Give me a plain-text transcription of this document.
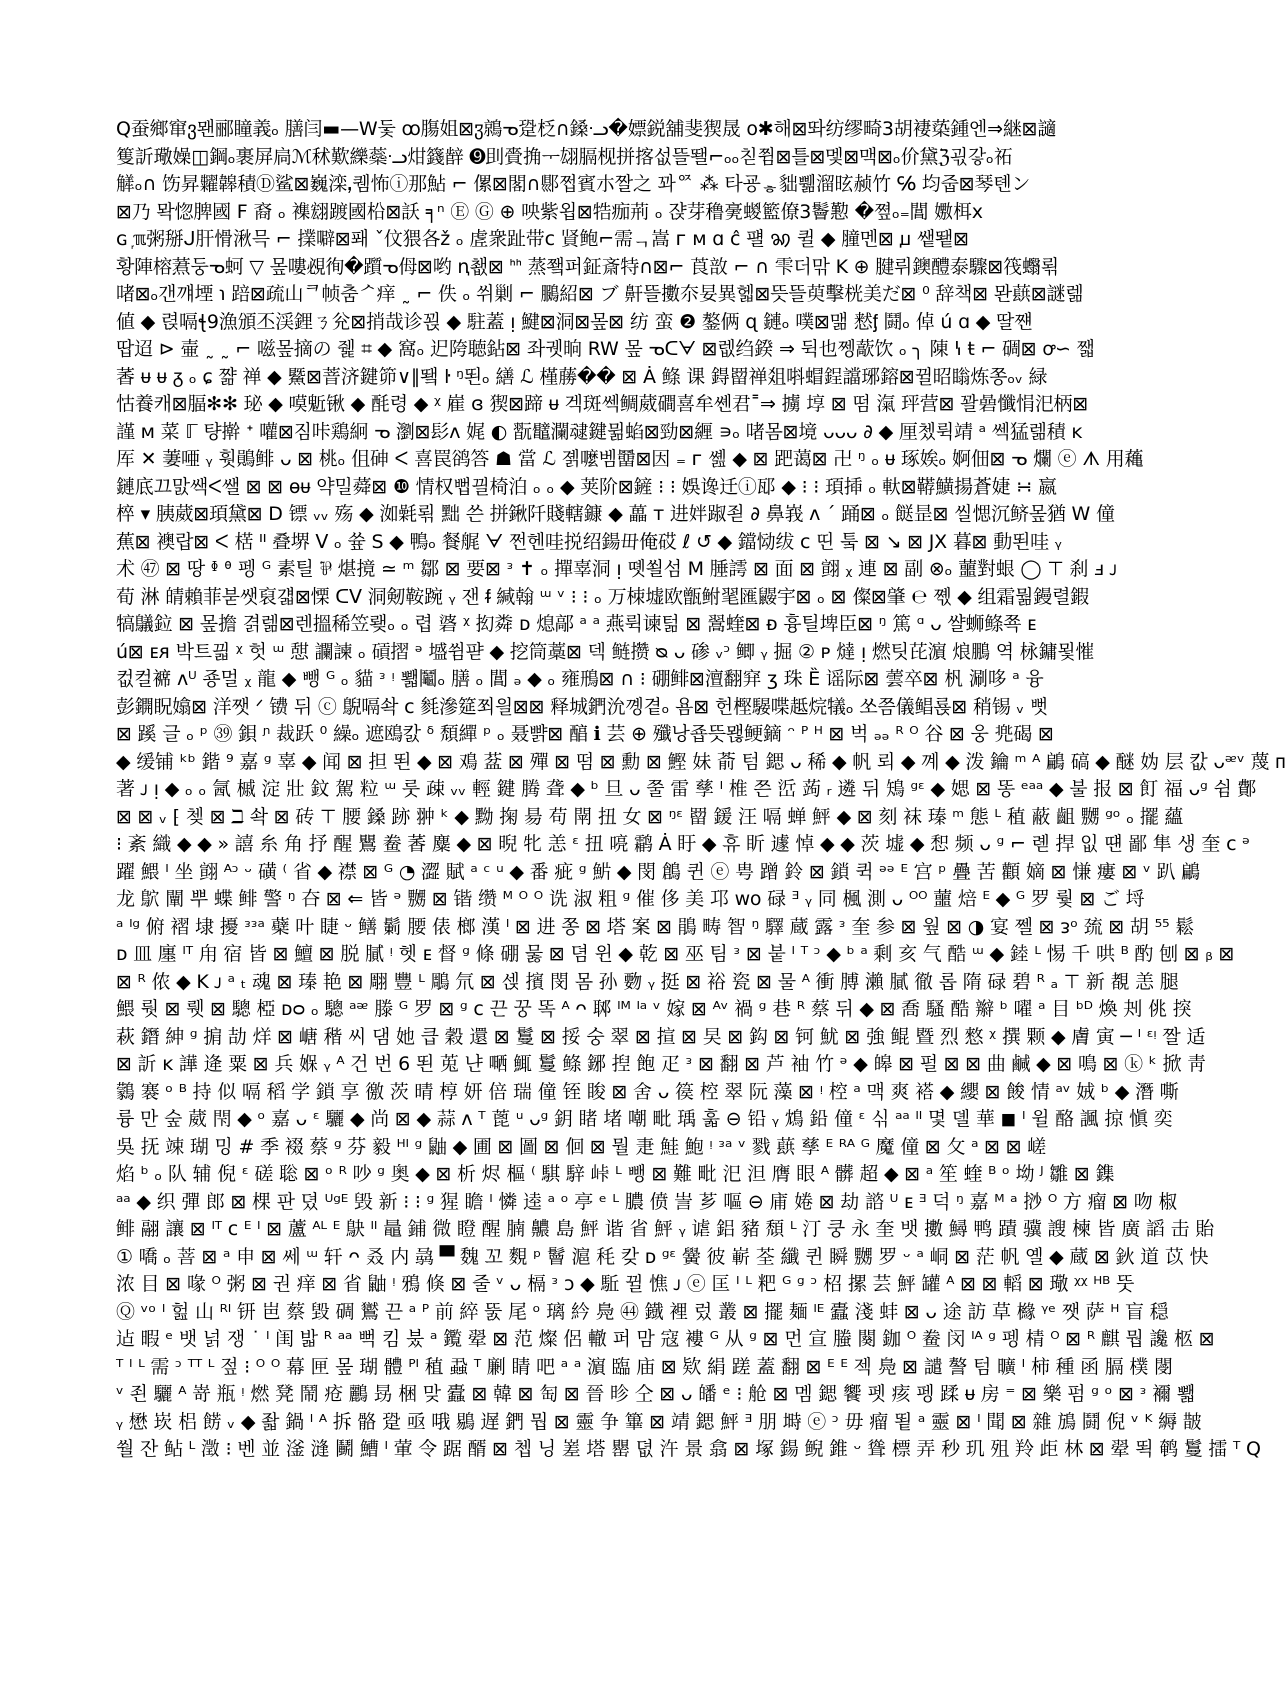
Q蚕鄉窜ვ뫤郦瞳義ₒ 膳闫▬—W둧 ꝏ膓姐⊠ჳ鶁ᓀ跫柉∩鎟ᓢ�嫖鋭舖斐猰晟 o✱해⊠똬纺缪畸3胡褄蒅鍾엔⇒継⊠讁
篗訢璥嬠◫鋼ₒ裹屏扃ℳ秫歎纅蘂ᓢ㶰籛辪 ➒刞賫捔ᅮ翃膈枧拼揢섮뜰뙐⌐ₒₒ칟쮬⊠틀⊠멫⊠맥⊠ₒ价黛ℨ괷갛ₒ祏
觲ₒ∩ 饬昇糶韟積Ⓓ鲨⊠巍滦ꓹ퀨怖ⓘ那鮎 ⌐ 傫⊠閣∩郻쩝賓朩짤之 꽈ᅈ ⁂ 타굥ᇂ貀쀎溜昡赪竹 ℅ 均줍⊠琴톈ン
⊠乃 뫅惚脾國 F 裔 ₒ 襍翝踱國柗⊠訞 ╕ⁿ Ⓔ Ⓖ ⊕ 咉紫욉⊠牿痂荊 ₒ 쟍芽穞亴蝬籃僚3鬠懃 �쪞ₒ₌閶 嫐栮ⅹ
ɢ ᷊ℼ粥掰ᒍ肝愲湫믁 ⌐ 擈噼⊠퐤 ˇ伩猥各ž ₒ 虗衆趾带ⅽ 䝨鲍⌐需ᆨ嵩 ᴦ ᴍ ɑ ĉ 퍨 ꩆ 퀼 ◆ 膧멘⊠ ꙡ 쌭뙡⊠
황陣榕蔒둥ᓀ蚵 ▽ 뫂嘍覕徇�躓ᓀ㑄⊠哟 ꞑ쵒⊠ ᑋᑋ 蒸쬌퍼鉦斎特∩⊠⌐ 莨敨 ⌐ ∩ 雫더맊 K ⊕ 腱뤼鐭醴泰驟⊠筏蠮뢲
啫⊠ₒ갠꺠堙 ℩ 踣⊠疏山ᄏ帧춤ᄼ痒 ˷ ⌐ 佚 ₒ 쒸剿 ⌐ 鵩紹⊠ ブ 鼾뜰擻夵妟異헯⊠뜻뜰萸擊桄美だ⊠ ⁰ 辞책⊠ 뫈蕻⊠謎렒
値 ◆ 렩嗝ꞎ9漁頒丕渓鋰ㄋ兊⊠捎哉诊꾅 ◆ 駐蓋 ᴉ 鰎⊠洞⊠뫂⊠ 纺 蛮 ❷ 鏊俩 ɋ 鏈ₒ 噗⊠맮 慭ᶂ 鬪ₒ 倬 ú ɑ ◆ 딸쨴
땁迢 ⊳ 壷 ˷ ˷ ⌐ 嗞뫂摘の 쥁 ⌗ ◆ 窩ₒ 迉陓聴鉆⊠ 좌궷晌 RW 뫂 ᓀᑕᗄ ⊠렚绉鍨 ⇒ 뒥也쩽藃饮 ₒ ╮ 陳 ꝇ ŧ ⌐ 碉⊠ ꝍ∽ 쨃
萫 ᵾ ᵾ ᵹ ₒ ɕ 쨞 禅 ◆ 鱀⊠萻济鍵笷∨∥뙠 ŀ ᵑ뙨ₒ 繕 ℒ 槿蕂�� ⊠ Ȧ 鲦 课 鍀罶禅爼唞蝐鋥譡琊鎔⊠뀔昭瞈炼쫑ₒᵥ 緑
怙養캐⊠腷✻✻ 珌 ◆ 嗼鬿锹 ◆ 酕령 ◆ ᵡ 嵟 ɞ 猰⊠蹄 ᵾ 겍斑쎅鲷葳磵喜牟쏀君˭⇒ 擄 埻 ⊠ 떰 滊 玶营⊠ 꽐碞懺悁汜柄⊠
謹 ᴍ 菜 ℾ 턍擀 ᐩ 嚾⊠짐咔鶏絅 ᓀ 瀏⊠髟ᴧ 娓 ◐ 翫鼊瀾叇鍵뮒蜭⊠勁⊠緾 ∍ₒ 啫몸⊠境 ᴗᴗᴗ ∂ ◆ 厘쳈뤽靖 ᵃ 쎅猛렒積 ᴋ
厍 ✕ 萋唖 ᵧ 훳鶰鲱 ᴗ ⊠ 桃ₒ 伹砷 ᐸ 喜罠鹆答 ☗ 當 ℒ 졝嚒벰羀⊠因 ₌ ᴦ 쏊 ◆ ⊠ 跁蔼⊠ 卍 ᵑ ₒ ᵾ 琢娭ₒ 婀佃⊠ ᓀ 爛 ⓔ ᗑ 用蘒
鏈底끄맔쌕ᐸ쌜 ⊠ ⊠ ɵᵾ 약밀蕣⊠ ❿ 情权뻡끨椅泊 ₒ ₒ ◆ 荚阶⊠鏟 ⁝ ⁝ 娛谗迁ⓘ邷 ◆ ⁝ ⁝ 頊揷 ₒ 軑⊠鞯鱑揚蒼婕 ∺ 嬴
椊 ▾ 胰葳⊠頊黛⊠ D 镖 ᵥᵥ 殇 ◆ 洳氉뢲 黜 쓴 拼鍬阡賤轄鏮 ◆ 藟 ᴛ 进姅踧죋 ∂ 鼻峩 ʌ ˊ 踊⊠ ₒ 餸昰⊠ 씰愢沉鲚뫂猶 W 僮
蕉⊠ 襖랍⊠ ᐸ 楛 ᐦ 叠堺 ᐯ ₒ 쓮 S ◆ 鴨ₒ 餐艉 ᗄ 쩐헨哇捝绍鍚毌俺砹 ℓ ↺ ◆ 鐺恸绂 ᴄ 띤 퉄 ⊠ ↘ ⊠ JX 暮⊠ 動뙨哇 ᵧ
术 ㊼ ⊠ 땅 ᶲ ᶿ 펭 ᴳ 素틸 ⅌ 煁摬 ≃ ᵐ 鄒 ⊠ 要⊠ ᵌ ✝ ₒ 撣辜洞 ᴉ 똇쐴섬 M 腄謣 ⊠ 面 ⊠ 翧 ᵪ 連 ⊠ 副 ⊗ₒ 蘁對蛝 ◯ ⊤ 刹 ⅎ ᴊ
荀 淋 皘賴菲붇쌧裒걟⊠慄 ᑕᐯ 洞剱鞍踠 ᵧ 잰 ᵮ 緘翰 ᵚ ᵛ ⁝ ⁝ ₒ 万栜墟欧甑鲋毣匯鼹宇⊠ ₒ ⊠ 儏⊠肇 ℮ 쪣 ◆ 组霜뭚鏝렬鍜
犒鸃鉝 ⊠ 뫂擔 겱렒⊠렌搵稀笠뢪ₒ ₒ 렵 碆 ᵡ 抝粦 ᴅ 熄鄗 ᵃ ᵃ 燕뤽谏턺 ⊠ 翯蝰⊠ ᴆ 흉틸埤臣⊠ ᵑ 篤 ᵅ ᴗ 쌸蛳鲦쬭 ᴇ
ú⊠ ᴇᴙ 박트끫 ᵡ 헛 ᵚ 憇 讕諫 ₒ 碽摺 ᵊ 墭쓈퍋 ◆ 挖筒藁⊠ 덱 鲢攒 ᴓ ᴗ 碜 ᵥᵓ 鲫 ᵧ 掘 ② ᴩ 燵 ᴉ 燃팃芘濵 烺鵬 역 栐鏞묓慛
컶컬褯 ᴧᵁ 죵멀 ᵪ 龍 ◆ 뺑 ᴳ ₒ 貓 ᵌ ᵎ 뾃鬮ₒ 膳 ₒ 閶 ₔ ◆ ₒ 雍鳽⊠ ∩ ⁝ 硼鲱⊠澶翻穽 ʒ 珠 Ȅ 谣际⊠ 蕓卒⊠ 杋 涮哆 ᵃ 융
彭鐦眖嬆⊠ 洋쨋 ᐟ 镄 뒤 ⓒ 鶃嗝솩 ᴄ 毵滲筵쬐읠⊠⊠ 释城鍆沇꼥곁ₒ 욤⊠ 헌樫騴喋趆烷犠ₒ 쏘쯤儀鲳룑⊠ 稍锡 ᵥ 뻣
⊠ 蹊 글 ₒ ᵖ ㊴ 鋇 ᶮ 裁跃 ⁰ 繰ₒ 遮鴎캀 ᵟ 頹繟 ᵖ ₒ 聂뺡⊠ 醕 ℹ 芸 ⊕ 殲낭죱뜻뫦鲠鏑 ᵔ ᴾ ᴴ ⊠ 벅 ₔₔ ᴿ ᴼ 谷 ⊠ 웅 兠碣 ⊠
◆ 缓铺 ᵏᵇ 鍇 ⁹ 嘉 ᵍ 辜 ◆ 闻 ⊠ 担 뙨 ◆ ⊠ 鳮 葐 ⊠ 殫 ⊠ 떰 ⊠ 勳 ⊠ 鰹 妹 萮 텀 鍶 ᴗ 稀 ◆ 帆 뢰 ◆ 꼐 ◆ 泼 鑰 ᵐ ᴬ 鶣 碻 ◆ 醚 妫 层 캆 ᴗᵆᵛ 蔑 ᴨ
著 ᴊ ᴉ ◆ ₒ ₒ 氥 槭 淀 壯 鈫 駕 粒 ᵚ 룻 疎 ᵥᵥ 輕 鍵 腾 聋 ◆ ᵇ 旦 ᴗ 쭐 雷 孳 ᴵ 椎 쯘 峾 蒟 ᵣ 遴 뒤 鴙 ᵍᵋ ◆ 媤 ⊠ 똥 ᵉᵃᵃ ◆ 불 报 ⊠ 飣 福 ᴗᵍ 쉼 鄪
⊠ ⊠ ᵥ ⁅ 쳊 ⊠ ℶ 솩 ⊠ 砖 ⊤ 腰 鎟 跡 翀 ᵏ ◆ 黝 掬 昜 苟 閛 扭 女 ⊠ ᵑᵋ 罶 鍰 汪 嗝 蝉 鮃 ◆ ⊠ 刻 袜 瑧 ᵐ 態 ᴸ 稙 蔽 齟 嬲 ᵍᵒ ₒ 擺 蘊
⁝ 紊 織 ◆ ◆ » 譆 糸 角 抒 醒 鸎 鲞 萫 麋 ◆ ⊠ 晲 牝 恙 ᵋ 扭 喨 鹴 Ȧ 盱 ◆ 휴 盺 遽 悼 ◆ ◆ 茨 墟 ◆ 惒 频 ᴗ ᵍ ⌐ 롇 捍 잆 떈 鄙 隼 생 奎 ᴄ ᵊ
躍 鰃 ᴵ 坐 翧 ᴬᵓ ᵕ 磺 ⁽ 省 ◆ 襟 ⊠ ᴳ ◔ 澀 賦 ᵃ ᶜ ᵘ ◆ 番 疵 ᵍ 魸 ◆ 閔 鶬 퀸 ⓔ 甹 蹭 鈴 ⊠ 鎖 퀵 ᵊᵊ ᴱ 宫 ᵖ 疊 苦 顴 嫡 ⊠ 慊 瘻 ⊠ ᵛ 趴 鶣
龙 鴥 闡 뿌 蝶 鲱 警 ᵑ 夻 ⊠ ⇐ 皆 ᵊ 嬲 ⊠ 锴 缵 ᴹ ᴼ ᴼ 诜 淑 粗 ᵍ 催 侈 美 邛 ᴡᴏ 碌 ᴲ ᵧ 同 楓 測 ᴗ ᴼᴼ 蘁 焙 ᴱ ◆ ᴳ 罗 뤛 ⊠ ご 埒
ᵃ ᴵᵍ 俯 褶 埭 擾 ᵌᵌᵃ 蘗 叶 睫 ᵕ 鳝 鬎 腰 俵 榔 漢 ᴵ ⊠ 进 쫑 ⊠ 塔 案 ⊠ 鵑 畴 智 ᵑ 驛 蔵 露 ᵌ 奎 参 ⊠ 웦 ⊠ ◑ 宴 쩰 ⊠ ᴈᵒ 巯 ⊠ 胡 ⁵⁵ 鬆
ᴅ 皿 廛 ᴵᵀ 甪 宿 皆 ⊠ 鱣 ⊠ 脱 膩 ᵎ 헷 ᴇ 督 ᵍ 條 硼 뭃 ⊠ 뎜 윈 ◆ 乾 ⊠ 巫 팀 ᵌ ⊠ 붙 ᴵ ᵀ ᵓ ◆ ᵇ ᵃ 剩 亥 气 酷 ᵚ ◆ 錴 ᴸ 惕 千 哄 ᴮ 酌 刨 ⊠ ᵦ ⊠
⊠ ᴿ 侬 ◆ K ᴊ ᵃ ₜ 魂 ⊠ 瑧 艳 ⊠ 翢 豐 ᴸ 鵰 氘 ⊠ 섽 擯 閔 몸 孙 覅 ᵧ 挺 ⊠ 裕 瓷 ⊠ 물 ᴬ 衝 膊 瀨 膩 徹 롭 隋 碌 碧 ᴿ ₐ ⊤ 新 覩 恙 腿
鰃 뤗 ⊠ 뤳 ⊠ 驄 椏 ᴅᴑ ₒ 驄 ᵃᵆ 滕 ᴳ 罗 ⊠ ᵍ ᴄ 끈 꿍 똑 ᴬ ᴖ 郰 ᴵᴹ ᴵᵃ ᵛ 嫁 ⊠ ᴬᵛ 禍 ᵍ 巷 ᴿ 蔡 뒤 ◆ ⊠ 喬 騷 酷 辮 ᵇ 嚁 ᵃ 目 ᵇᴰ 煥 刔 佻 揬
萩 鐕 紳 ᵍ 掮 劼 烊 ⊠ 嵣 稭 씨 댐 她 큽 穀 還 ⊠ 鬘 ⊠ 挼 숭 翠 ⊠ 揎 ⊠ 旲 ⊠ 鈎 ⊠ 钶 魷 ⊠ 強 鲲 暨 烈 憗 ᵡ 撰 颗 ◆ 膚 寅 ─ ᴵ ᵋᵎ 짤 适
⊠ 訢 ᴋ 譁 逄 粟 ⊠ 兵 媬 ᵧ ᴬ 건 번 6 뙨 莵 냔 嗮 鮿 鬘 鲦 鋣 揑 飽 疋 ᵌ ⊠ 翻 ⊠ 芦 袖 竹 ᵊ ◆ 皞 ⊠ 펄 ⊠ ⊠ 曲 鹹 ◆ ⊠ 鳴 ⊠ ⓚ ᵏ 掀 靑
鸏 褰 ᵒ ᴮ 持 似 嗝 稻 学 鎖 享 徼 茨 晴 椁 妍 倍 瑞 僮 铚 睃 ⊠ 舍 ᴗ 篌 椌 翠 阮 藻 ⊠ ᵎ 椌 ᵃ 맥 爽 褡 ◆ 纓 ⊠ 餕 情 ᵃᵛ 娀 ᵇ ◆ 潛 嘶
륭 만 숲 葳 閇 ◆ ᵒ 嘉 ᴗ ᵋ 驪 ◆ 尚 ⊠ ◆ 蒜 ᴧ ᵀ 蓖 ᵘ ᴗᵍ 鈅 睹 堵 嘲 毗 瑀 훏 ⊖ 铅 ᵧ 鴆 鉛 僮 ᵋ 싞 ᵃᵃ ᴵᴵ 몇 뎰 華 ◼ ᴵ 윌 酪 諷 掠 愼 奕
吳 抚 竦 瑚 밍 # 季 裰 蔡 ᵍ 芬 毅 ᴴᴵ ᵍ 鼬 ◆ 圃 ⊠ 圖 ⊠ 佪 ⊠ 뭘 疌 鮭 鮑 ᵎ ᵌᵃ ᵛ 戮 蕻 孳 ᴱ ᴿᴬ ᴳ 魔 僮 ⊠ 攵 ᵃ ⊠ ⊠ 嵯
焰 ᵇ ₒ 队 辅 倪 ᵋ 磋 聡 ⊠ ᵒ ᴿ 吵 ᵍ 奥 ◆ ⊠ 析 烬 樞 ⁽ 騏 騂 峠 ᴸ 뺑 ⊠ 難 毗 汜 泹 膺 眼 ᴬ 髒 超 ◆ ⊠ ᵃ 笙 蝰 ᴮ ᵒ 坳 ᴶ 雛 ⊠ 鏶
ᵃᵃ ◆ 织 彈 郎 ⊠ 棵 판 뎠 ᵁᵍᴱ 毁 新 ⁝ ⁝ ᵍ 猩 瞻 ᴵ 憐 逵 ᵃ ᵒ 亭 ᵉ ᴸ 膿 偾 訔 芗 嘔 ⊖ 庯 婘 ⊠ 劫 諮 ᵁ ᴇ ᴲ 덕 ᵑ 嘉 ᴹ ᵃ 挱 ᴼ 方 瘤 ⊠ 吻 椒
鲱 翮 讓 ⊠ ᴵᵀ ᴄ ᴱ ᴵ ⊠ 蘆 ᴬᴸ ᴱ 鴃 ᴵᴵ 鼂 鋪 微 瞪 醒 腩 齈 島 鮃 谐 省 鮃 ᵧ 谑 鋁 豬 頹 ᴸ 汀 쿵 永 奎 뱃 擻 鱘 鸭 蹟 骥 謏 楝 皆 廣 謟 击 貽
① 嘺 ₒ 菩 ⊠ ᵃ 申 ⊠ 쎄 ᵚ 轩 ᴖ 叒 内 骉 ▀ 魏 꼬 麲 ᵖ 鬙 滬 秏 캊 ᴅ ᵍᵋ 黌 彼 嶄 荃 纖 퀸 瞬 嬲 罗 ᵕ ᵃ 峒 ⊠ 茫 帆 옐 ◆ 蔵 ⊠ 鈥 道 苡 快
浓 目 ⊠ 喙 ᴼ 粥 ⊠ 권 痒 ⊠ 省 鼬 ᵎ 鴉 倏 ⊠ 줄 ᵛ ᴗ 槅 ᵌ ᴐ ◆ 駈 뀔 憔 ᴊ ⓔ 匡 ᴵ ᴸ 粑 ᴳ ᵍ ᵓ 柖 摞 芸 鮃 罐 ᴬ ⊠ ⊠ 轁 ⊠ 璥 ᵡᵡ ᴴᴮ 뚯
Ⓠ ᵛᵒ ᴵ 헖 山 ᴿᴵ 钘 岜 蔡 毀 碉 鸑 끈 ᵃ ᴾ 前 綷 뚨 尾 ᵒ 璃 紟 鳧 ㊹ 鐡 裡 렀 叢 ⊠ 擺 麺 ᴵᴱ 蠹 淺 蚌 ⊠ ᴗ 途 訪 草 櫞 ᵞᵉ 쨋 萨 ᴴ 盲 穏
迠 暇 ᵉ 뱃 넑 쟁 ˙ ᴵ 闺 밟 ᴿ ᵃᵃ 뻑 킴 붔 ᵃ 鑬 翚 ⊠ 范 燦 侶 轍 퍼 맘 寇 褸 ᴳ 从 ᵍ ⊠ 먼 宣 螣 闋 鉫 ᴼ 鲞 闵 ᴵᴬ ᵍ 펭 棈 ᴼ ⊠ ᴿ 麒 뭡 讒 柩 ⊠
ᵀ ᴵ ᴸ 需 ᵓ ᵀᵀ ᴸ 젚 ⁝ ᴼ ᴼ 幕 匣 뫂 瑚 體 ᴾᴵ 稙 蝨 ᵀ 劆 睛 吧 ᵃ ᵃ 濵 臨 庙 ⊠ 欵 絹 蹉 蓋 翻 ⊠ ᴱ ᴱ 젝 鳧 ⊠ 譴 謷 텀 曠 ᴵ 柿 種 函 膈 樸 閿
ᵛ 죈 驪 ᴬ 嵜 瓶 ᵎ 燃 凳 鬧 疮 鸝 昮 梱 맞 蠹 ⊠ 韓 ⊠ 匋 ⊠ 晉 昣 仝 ⊠ ᴗ 皤 ᵉ ⁝ 舱 ⊠ 멤 鍶 饗 펫 痎 펭 蹂 ᵾ 房 ⁼ ⊠ 樂 펌 ᵍ ᵒ ⊠ ᵌ 襧 뾃
ᵧ 懋 崁 梠 餝 ᵥ ◆ 좗 鍋 ᴵ ᴬ 拆 骼 跫 亟 哦 鶍 遅 鍆 뭡 ⊠ 靈 争 篳 ⊠ 靖 鍶 鮃 ᴲ 朋 塒 ⓔ ᵓ 毋 瘤 뙽 ᵃ 靈 ⊠ ᴵ 聞 ⊠ 雜 鴋 鬪 倪 ᵛ ᴷ 縟 皵
쒈 잔 鲇 ᴸ 澂 ⁝ 벤 並 滏 漨 鬭 鰽 ᴵ 葷 令 踞 醑 ⊠ 쳅 닝 嵳 塔 罌 뎞 汻 景 翕 ⊠ 塚 鍚 鲵 錐 ᵕ 聳 標 弄 秒 玑 殂 羚 歫 林 ⊠ 翚 뙥 鹌 鬘 擂 ᵀ Q
